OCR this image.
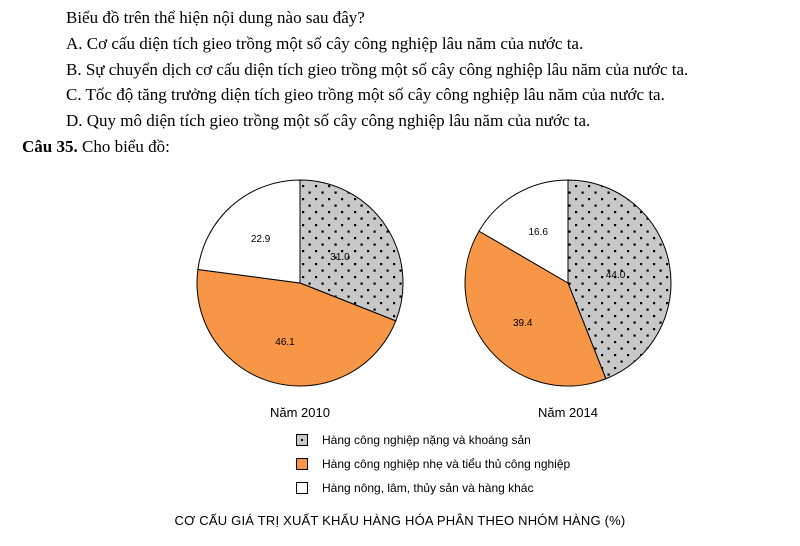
Biểu đồ trên thể hiện nội dung nào sau đây?
A. Cơ cấu diện tích gieo trồng một số cây công nghiệp lâu năm của nước ta.
B. Sự chuyển dịch cơ cấu diện tích gieo trồng một số cây công nghiệp lâu năm của nước ta.
C. Tốc độ tăng trưởng diện tích gieo trồng một số cây công nghiệp lâu năm của nước ta.
D. Quy mô diện tích gieo trồng một số cây công nghiệp lâu năm của nước ta.
Câu 35. Cho biểu đồ:
31.0
46.1
22.9
Năm 2010
44.0
39.4
16.6
Năm 2014
Hàng công nghiệp nặng và khoáng sản
Hàng công nghiệp nhẹ và tiểu thủ công nghiệp
Hàng nông, lâm, thủy sản và hàng khác
CƠ CẤU GIÁ TRỊ XUẤT KHẨU HÀNG HÓA PHÂN THEO NHÓM HÀNG (%)
